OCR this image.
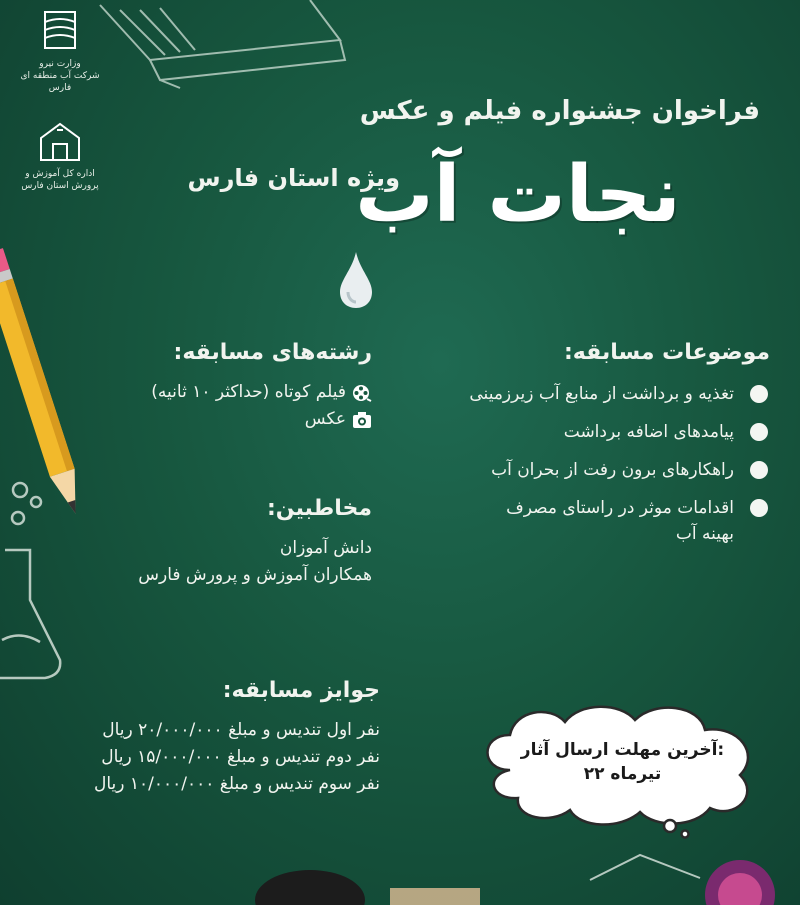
وزارت نیرو
شرکت آب منطقه ای فارس
اداره کل آموزش و پرورش استان فارس
فراخوان جشنواره فیلم و عکس
ویژه استان فارس
نجات آب
موضوعات مسابقه:
تغذیه و برداشت از منابع آب زیرزمینی
پیامدهای اضافه برداشت
راهکارهای برون رفت از بحران آب
اقدامات موثر در راستای مصرف بهینه آب
رشته‌های مسابقه:
فیلم کوتاه (حداکثر ۱۰ ثانیه)
عکس
مخاطبین:
دانش آموزان
همکاران آموزش و پرورش فارس
جوایز مسابقه:
نفر اول تندیس و مبلغ ۲۰/۰۰۰/۰۰۰ ریال
نفر دوم تندیس و مبلغ ۱۵/۰۰۰/۰۰۰ ریال
نفر سوم تندیس و مبلغ ۱۰/۰۰۰/۰۰۰ ریال
آخرین مهلت ارسال آثار:
۲۲ تیرماه
